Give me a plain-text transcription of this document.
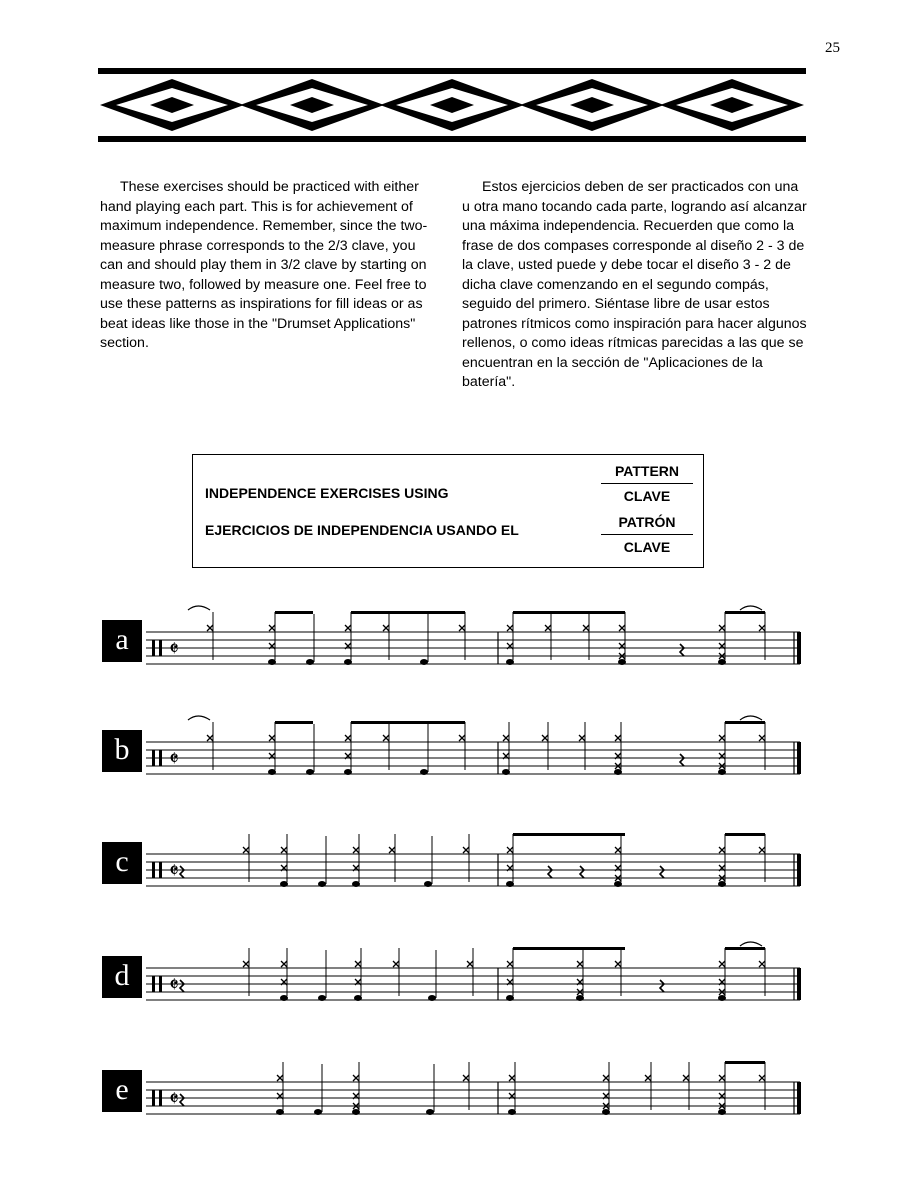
25

These exercises should be practiced with either hand playing each part. This is for achievement of maximum independence. Remember, since the two-measure phrase corresponds to the 2/3 clave, you can and should play them in 3/2 clave by starting on measure two, followed by measure one. Feel free to use these patterns as inspirations for fill ideas or as beat ideas like those in the "Drumset Applications" section.

Estos ejercicios deben de ser practicados con una u otra mano tocando cada parte, logrando así alcanzar una máxima independencia. Recuerden que como la frase de dos compases corresponde al diseño 2 - 3 de la clave, usted puede y debe tocar el diseño 3 - 2 de dicha clave comenzando en el segundo compás, seguido del primero. Siéntase libre de usar estos patrones rítmicos como inspiración para hacer algunos rellenos, o como ideas rítmicas parecidas a las que se encuentran en la sección de "Aplicaciones de la batería".

INDEPENDENCE EXERCISES USING
EJERCICIOS DE INDEPENDENCIA USANDO EL
PATTERN
CLAVE
PATRÓN
CLAVE
a	𝄵
b	𝄵
c	𝄵
d	𝄵
e	𝄵
